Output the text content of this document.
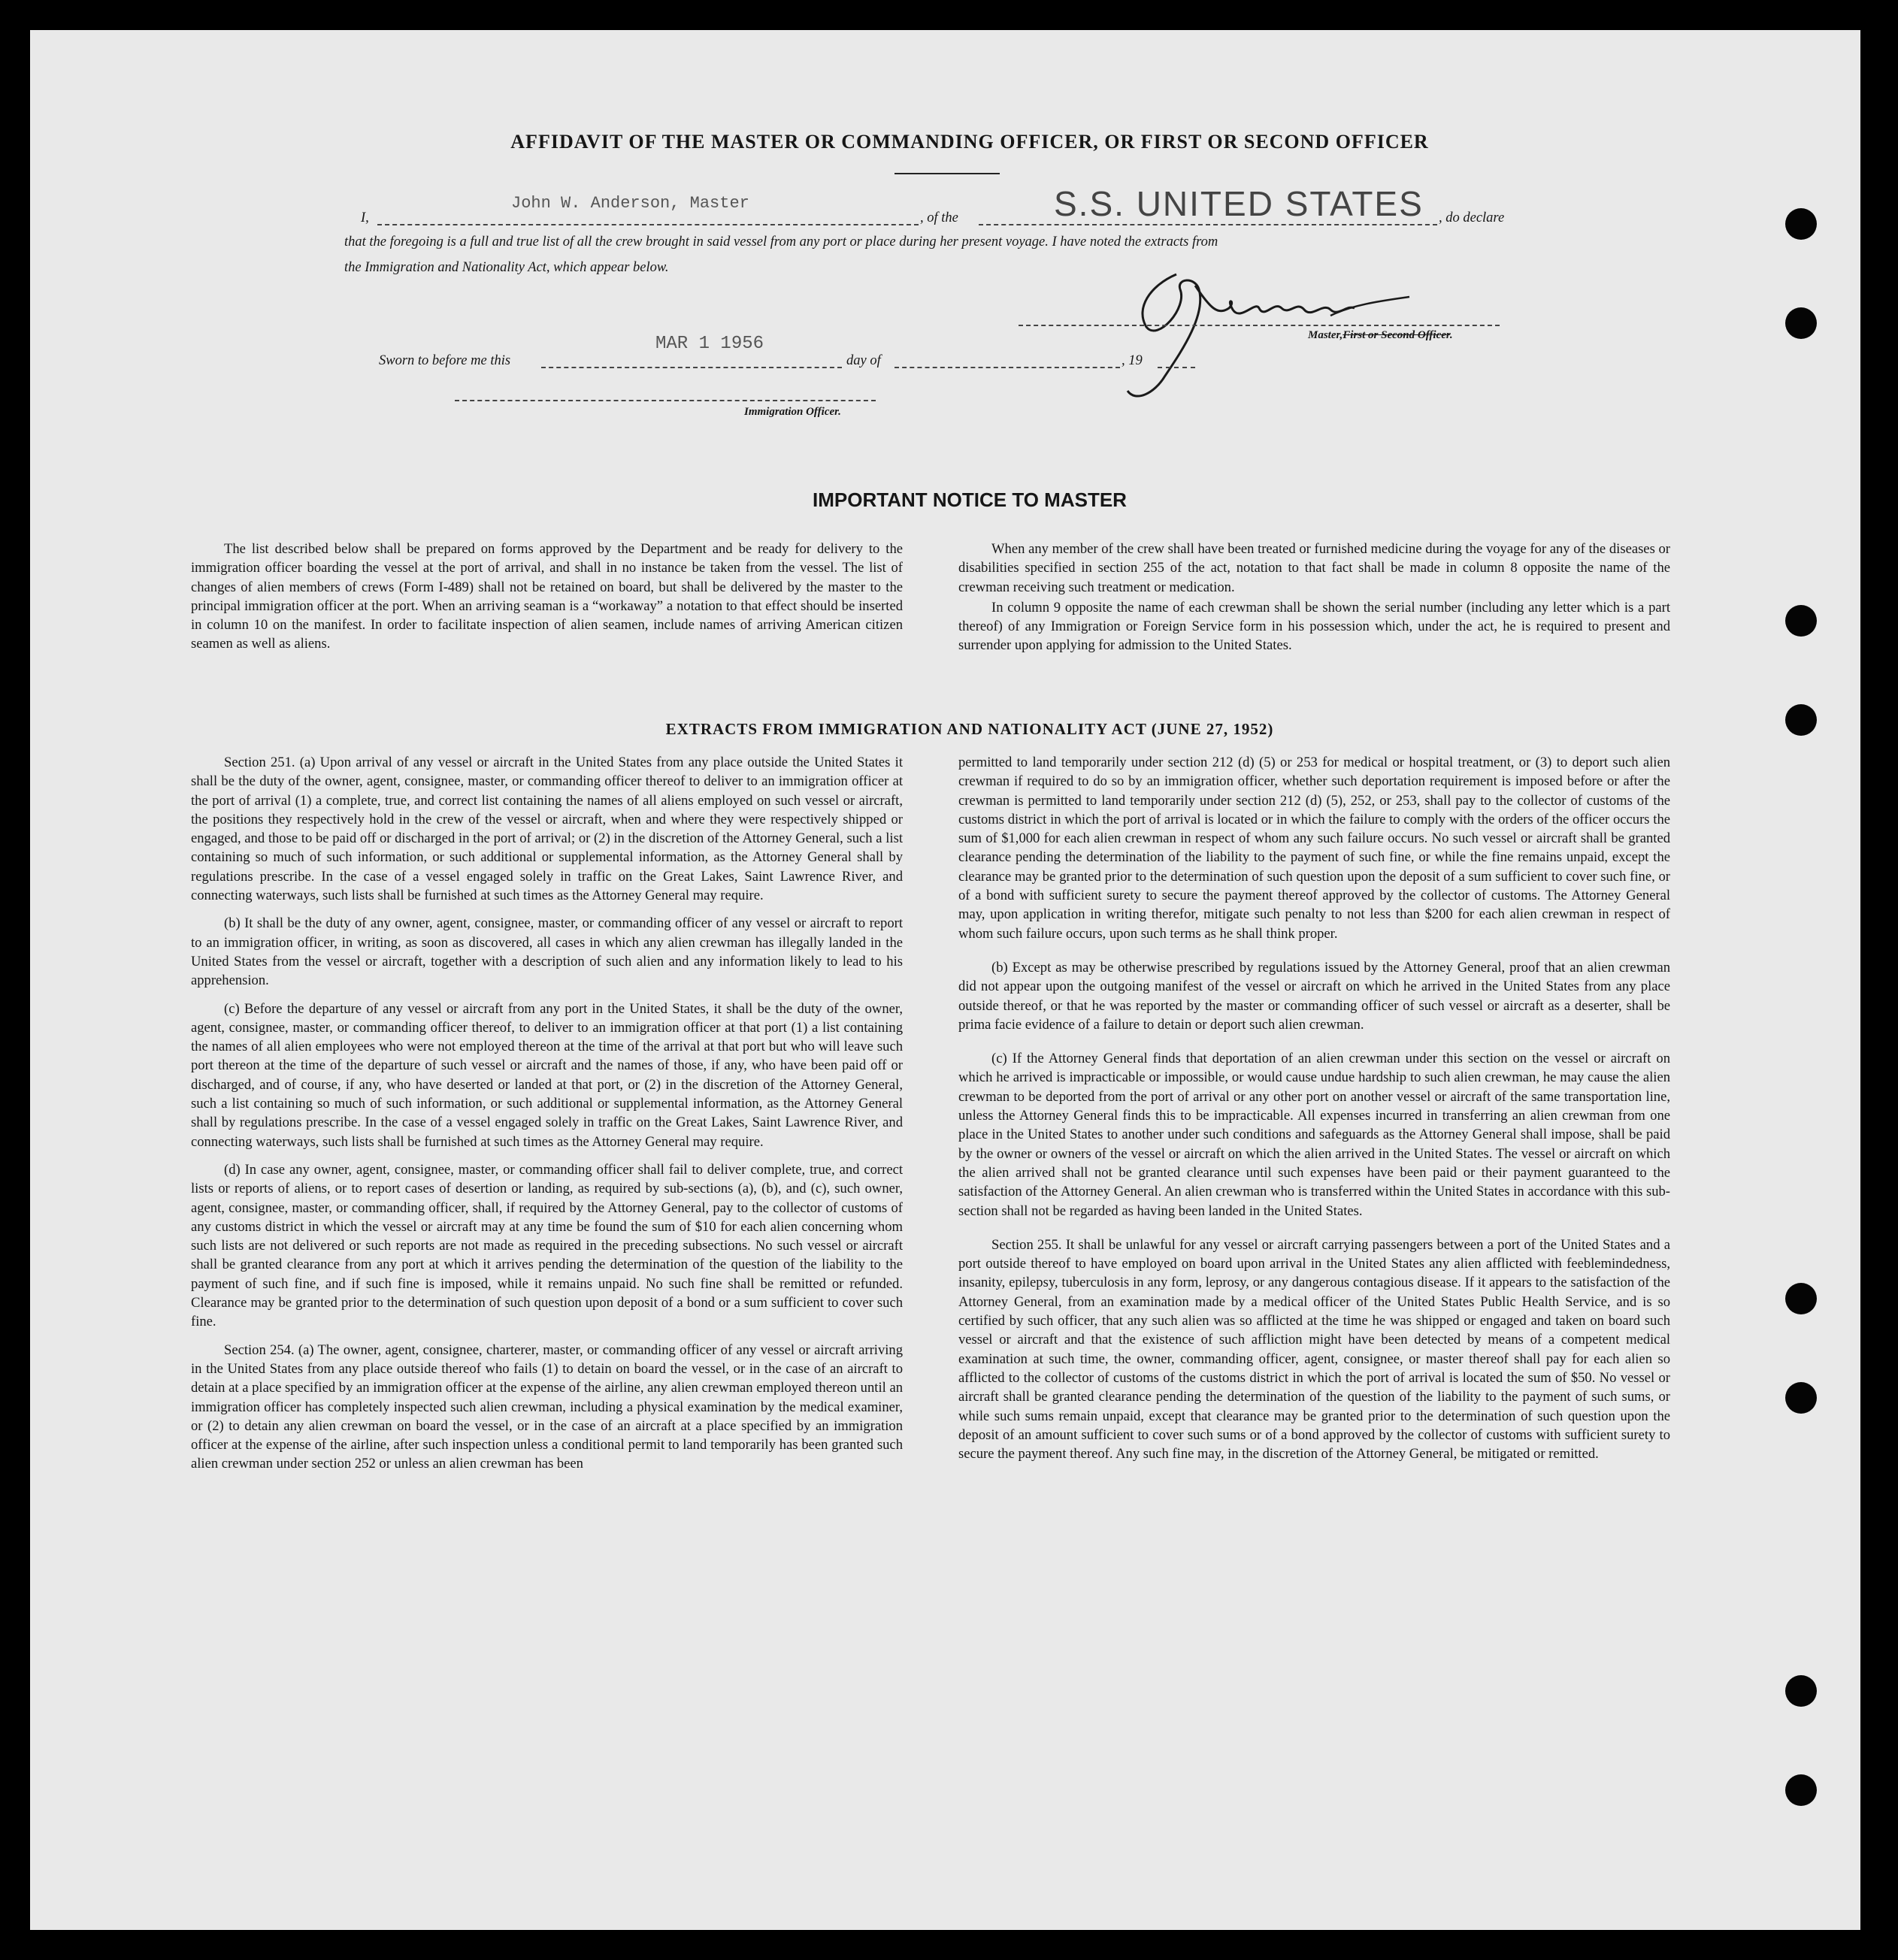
AFFIDAVIT OF THE MASTER OR COMMANDING OFFICER, OR FIRST OR SECOND OFFICER
I,
John W. Anderson, Master
, of the	S.S. UNITED STATES , do declare
that the foregoing is a full and true list of all the crew brought in said vessel from any port or place during her present voyage. I have noted the extracts from
the Immigration and Nationality Act, which appear below.
Master,First or Second Officer.
Sworn to before me this
MAR 1 1956
day of	, 19
Immigration Officer.
IMPORTANT NOTICE TO MASTER

The list described below shall be prepared on forms approved by the Department and be ready for delivery to the immigration officer boarding the vessel at the port of arrival, and shall in no instance be taken from the vessel. The list of changes of alien members of crews (Form I-489) shall not be retained on board, but shall be delivered by the master to the principal immigration officer at the port. When an arriving seaman is a “workaway” a notation to that effect should be inserted in column 10 on the manifest. In order to facilitate inspection of alien seamen, include names of arriving American citizen seamen as well as aliens.

When any member of the crew shall have been treated or furnished medicine during the voyage for any of the diseases or disabilities specified in section 255 of the act, notation to that fact shall be made in column 8 opposite the name of the crewman receiving such treatment or medication.

In column 9 opposite the name of each crewman shall be shown the serial number (including any letter which is a part thereof) of any Immigration or Foreign Service form in his possession which, under the act, he is required to present and surrender upon applying for admission to the United States.

EXTRACTS FROM IMMIGRATION AND NATIONALITY ACT (JUNE 27, 1952)

Section 251. (a) Upon arrival of any vessel or aircraft in the United States from any place outside the United States it shall be the duty of the owner, agent, consignee, master, or commanding officer thereof to deliver to an immigration officer at the port of arrival (1) a complete, true, and correct list containing the names of all aliens employed on such vessel or aircraft, the positions they respectively hold in the crew of the vessel or aircraft, when and where they were respectively shipped or engaged, and those to be paid off or discharged in the port of arrival; or (2) in the discretion of the Attorney General, such a list containing so much of such information, or such additional or supplemental information, as the Attorney General shall by regulations prescribe. In the case of a vessel engaged solely in traffic on the Great Lakes, Saint Lawrence River, and connecting waterways, such lists shall be furnished at such times as the Attorney General may require.

(b) It shall be the duty of any owner, agent, consignee, master, or commanding officer of any vessel or aircraft to report to an immigration officer, in writing, as soon as discovered, all cases in which any alien crewman has illegally landed in the United States from the vessel or aircraft, together with a description of such alien and any information likely to lead to his apprehension.

(c) Before the departure of any vessel or aircraft from any port in the United States, it shall be the duty of the owner, agent, consignee, master, or commanding officer thereof, to deliver to an immigration officer at that port (1) a list containing the names of all alien employees who were not employed thereon at the time of the arrival at that port but who will leave such port thereon at the time of the departure of such vessel or aircraft and the names of those, if any, who have been paid off or discharged, and of course, if any, who have deserted or landed at that port, or (2) in the discretion of the Attorney General, such a list containing so much of such information, or such additional or supplemental information, as the Attorney General shall by regulations prescribe. In the case of a vessel engaged solely in traffic on the Great Lakes, Saint Lawrence River, and connecting waterways, such lists shall be furnished at such times as the Attorney General may require.

(d) In case any owner, agent, consignee, master, or commanding officer shall fail to deliver complete, true, and correct lists or reports of aliens, or to report cases of desertion or landing, as required by sub-sections (a), (b), and (c), such owner, agent, consignee, master, or commanding officer, shall, if required by the Attorney General, pay to the collector of customs of any customs district in which the vessel or aircraft may at any time be found the sum of $10 for each alien concerning whom such lists are not delivered or such reports are not made as required in the preceding subsections. No such vessel or aircraft shall be granted clearance from any port at which it arrives pending the determination of the question of the liability to the payment of such fine, and if such fine is imposed, while it remains unpaid. No such fine shall be remitted or refunded. Clearance may be granted prior to the determination of such question upon deposit of a bond or a sum sufficient to cover such fine.

Section 254. (a) The owner, agent, consignee, charterer, master, or commanding officer of any vessel or aircraft arriving in the United States from any place outside thereof who fails (1) to detain on board the vessel, or in the case of an aircraft to detain at a place specified by an immigration officer at the expense of the airline, any alien crewman employed thereon until an immigration officer has completely inspected such alien crewman, including a physical examination by the medical examiner, or (2) to detain any alien crewman on board the vessel, or in the case of an aircraft at a place specified by an immigration officer at the expense of the airline, after such inspection unless a conditional permit to land temporarily has been granted such alien crewman under section 252 or unless an alien crewman has been

permitted to land temporarily under section 212 (d) (5) or 253 for medical or hospital treatment, or (3) to deport such alien crewman if required to do so by an immigration officer, whether such deportation requirement is imposed before or after the crewman is permitted to land temporarily under section 212 (d) (5), 252, or 253, shall pay to the collector of customs of the customs district in which the port of arrival is located or in which the failure to comply with the orders of the officer occurs the sum of $1,000 for each alien crewman in respect of whom any such failure occurs. No such vessel or aircraft shall be granted clearance pending the determination of the liability to the payment of such fine, or while the fine remains unpaid, except the clearance may be granted prior to the determination of such question upon the deposit of a sum sufficient to cover such fine, or of a bond with sufficient surety to secure the payment thereof approved by the collector of customs. The Attorney General may, upon application in writing therefor, mitigate such penalty to not less than $200 for each alien crewman in respect of whom such failure occurs, upon such terms as he shall think proper.

(b) Except as may be otherwise prescribed by regulations issued by the Attorney General, proof that an alien crewman did not appear upon the outgoing manifest of the vessel or aircraft on which he arrived in the United States from any place outside thereof, or that he was reported by the master or commanding officer of such vessel or aircraft as a deserter, shall be prima facie evidence of a failure to detain or deport such alien crewman.

(c) If the Attorney General finds that deportation of an alien crewman under this section on the vessel or aircraft on which he arrived is impracticable or impossible, or would cause undue hardship to such alien crewman, he may cause the alien crewman to be deported from the port of arrival or any other port on another vessel or aircraft of the same transportation line, unless the Attorney General finds this to be impracticable. All expenses incurred in transferring an alien crewman from one place in the United States to another under such conditions and safeguards as the Attorney General shall impose, shall be paid by the owner or owners of the vessel or aircraft on which the alien arrived in the United States. The vessel or aircraft on which the alien arrived shall not be granted clearance until such expenses have been paid or their payment guaranteed to the satisfaction of the Attorney General. An alien crewman who is transferred within the United States in accordance with this sub-section shall not be regarded as having been landed in the United States.

Section 255. It shall be unlawful for any vessel or aircraft carrying passengers between a port of the United States and a port outside thereof to have employed on board upon arrival in the United States any alien afflicted with feeblemindedness, insanity, epilepsy, tuberculosis in any form, leprosy, or any dangerous contagious disease. If it appears to the satisfaction of the Attorney General, from an examination made by a medical officer of the United States Public Health Service, and is so certified by such officer, that any such alien was so afflicted at the time he was shipped or engaged and taken on board such vessel or aircraft and that the existence of such affliction might have been detected by means of a competent medical examination at such time, the owner, commanding officer, agent, consignee, or master thereof shall pay for each alien so afflicted to the collector of customs of the customs district in which the port of arrival is located the sum of $50. No vessel or aircraft shall be granted clearance pending the determination of the question of the liability to the payment of such sums, or while such sums remain unpaid, except that clearance may be granted prior to the determination of such question upon the deposit of an amount sufficient to cover such sums or of a bond approved by the collector of customs with sufficient surety to secure the payment thereof. Any such fine may, in the discretion of the Attorney General, be mitigated or remitted.
